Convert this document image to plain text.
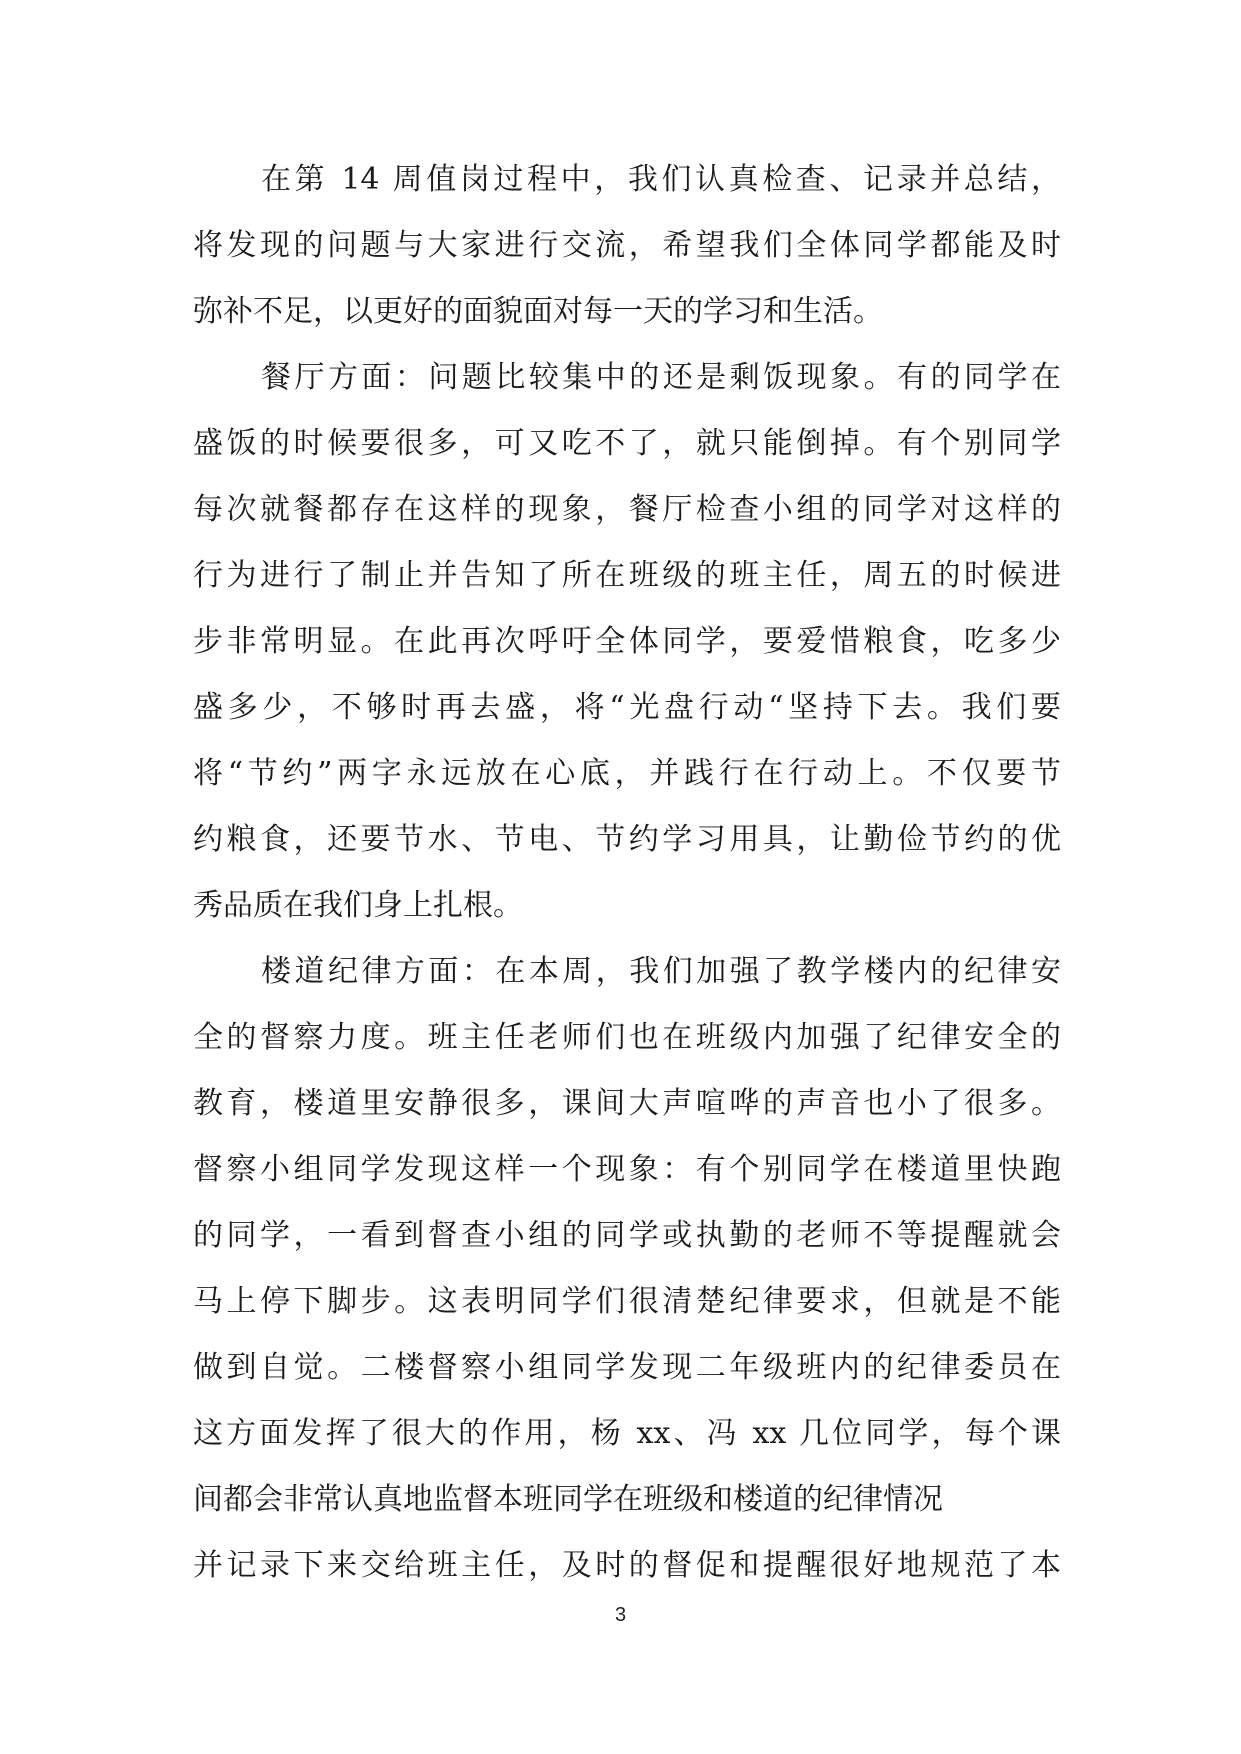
在第 14 周值岗过程中，我们认真检查、记录并总结，
将发现的问题与大家进行交流，希望我们全体同学都能及时
弥补不足，以更好的面貌面对每一天的学习和生活。
餐厅方面：问题比较集中的还是剩饭现象。有的同学在
盛饭的时候要很多，可又吃不了，就只能倒掉。有个别同学
每次就餐都存在这样的现象，餐厅检查小组的同学对这样的
行为进行了制止并告知了所在班级的班主任，周五的时候进
步非常明显。在此再次呼吁全体同学，要爱惜粮食，吃多少
盛多少，不够时再去盛，将“光盘行动“坚持下去。我们要
将“节约”两字永远放在心底，并践行在行动上。不仅要节
约粮食，还要节水、节电、节约学习用具，让勤俭节约的优
秀品质在我们身上扎根。
楼道纪律方面：在本周，我们加强了教学楼内的纪律安
全的督察力度。班主任老师们也在班级内加强了纪律安全的
教育，楼道里安静很多，课间大声喧哗的声音也小了很多。
督察小组同学发现这样一个现象：有个别同学在楼道里快跑
的同学，一看到督查小组的同学或执勤的老师不等提醒就会
马上停下脚步。这表明同学们很清楚纪律要求，但就是不能
做到自觉。二楼督察小组同学发现二年级班内的纪律委员在
这方面发挥了很大的作用，杨 xx、冯 xx 几位同学，每个课
间都会非常认真地监督本班同学在班级和楼道的纪律情况
并记录下来交给班主任，及时的督促和提醒很好地规范了本
3
